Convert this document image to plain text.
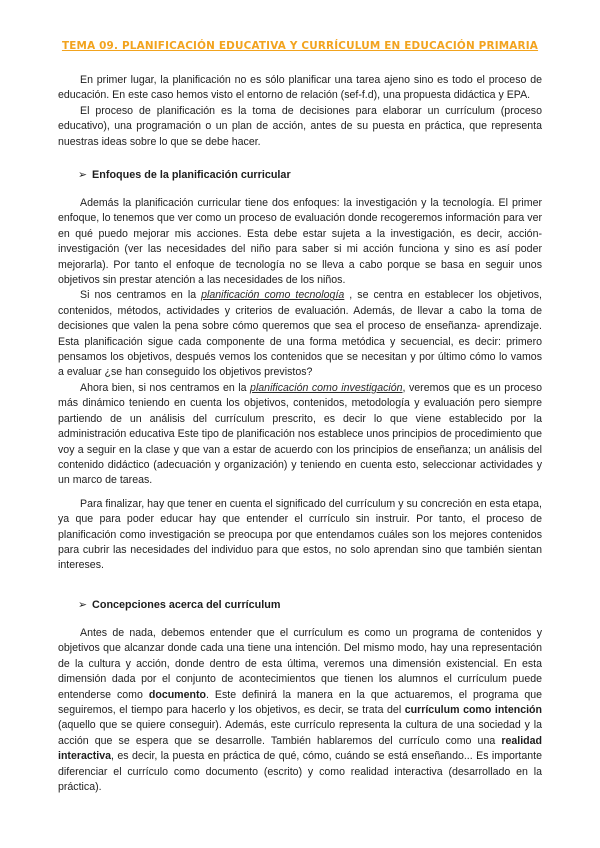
TEMA 09. PLANIFICACIÓN EDUCATIVA Y CURRÍCULUM EN EDUCACIÓN PRIMARIA

En primer lugar, la planificación no es sólo planificar una tarea ajeno sino es todo el proceso de educación. En este caso hemos visto el entorno de relación (sef-f.d), una propuesta didáctica y EPA.

El proceso de planificación es la toma de decisiones para elaborar un currículum (proceso educativo), una programación o un plan de acción, antes de su puesta en práctica, que representa nuestras ideas sobre lo que se debe hacer.

➢ Enfoques de la planificación curricular

Además la planificación curricular tiene dos enfoques: la investigación y la tecnología. El primer enfoque, lo tenemos que ver como un proceso de evaluación donde recogeremos información para ver en qué puedo mejorar mis acciones. Esta debe estar sujeta a la investigación, es decir, acción-investigación (ver las necesidades del niño para saber si mi acción funciona y sino es así poder mejorarla). Por tanto el enfoque de tecnología no se lleva a cabo porque se basa en seguir unos objetivos sin prestar atención a las necesidades de los niños.

Si nos centramos en la planificación como tecnología , se centra en establecer los objetivos, contenidos, métodos, actividades y criterios de evaluación. Además, de llevar a cabo la toma de decisiones que valen la pena sobre cómo queremos que sea el proceso de enseñanza- aprendizaje. Esta planificación sigue cada componente de una forma metódica y secuencial, es decir: primero pensamos los objetivos, después vemos los contenidos que se necesitan y por último cómo lo vamos a evaluar ¿se han conseguido los objetivos previstos?

Ahora bien, si nos centramos en la planificación como investigación, veremos que es un proceso más dinámico teniendo en cuenta los objetivos, contenidos, metodología y evaluación pero siempre partiendo de un análisis del currículum prescrito, es decir lo que viene establecido por la administración educativa Este tipo de planificación nos establece unos principios de procedimiento que voy a seguir en la clase y que van a estar de acuerdo con los principios de enseñanza; un análisis del contenido didáctico (adecuación y organización) y teniendo en cuenta esto, seleccionar actividades y un marco de tareas.

Para finalizar, hay que tener en cuenta el significado del currículum y su concreción en esta etapa, ya que para poder educar hay que entender el currículo sin instruir. Por tanto, el proceso de planificación como investigación se preocupa por que entendamos cuáles son los mejores contenidos para cubrir las necesidades del individuo para que estos, no solo aprendan sino que también sientan intereses.

➢ Concepciones acerca del currículum

Antes de nada, debemos entender que el currículum es como un programa de contenidos y objetivos que alcanzar donde cada una tiene una intención. Del mismo modo, hay una representación de la cultura y acción, donde dentro de esta última, veremos una dimensión existencial. En esta dimensión dada por el conjunto de acontecimientos que tienen los alumnos el currículum puede entenderse como documento. Este definirá la manera en la que actuaremos, el programa que seguiremos, el tiempo para hacerlo y los objetivos, es decir, se trata del currículum como intención (aquello que se quiere conseguir). Además, este currículo representa la cultura de una sociedad y la acción que se espera que se desarrolle. También hablaremos del currículo como una realidad interactiva, es decir, la puesta en práctica de qué, cómo, cuándo se está enseñando... Es importante diferenciar el currículo como documento (escrito) y como realidad interactiva (desarrollado en la práctica).
